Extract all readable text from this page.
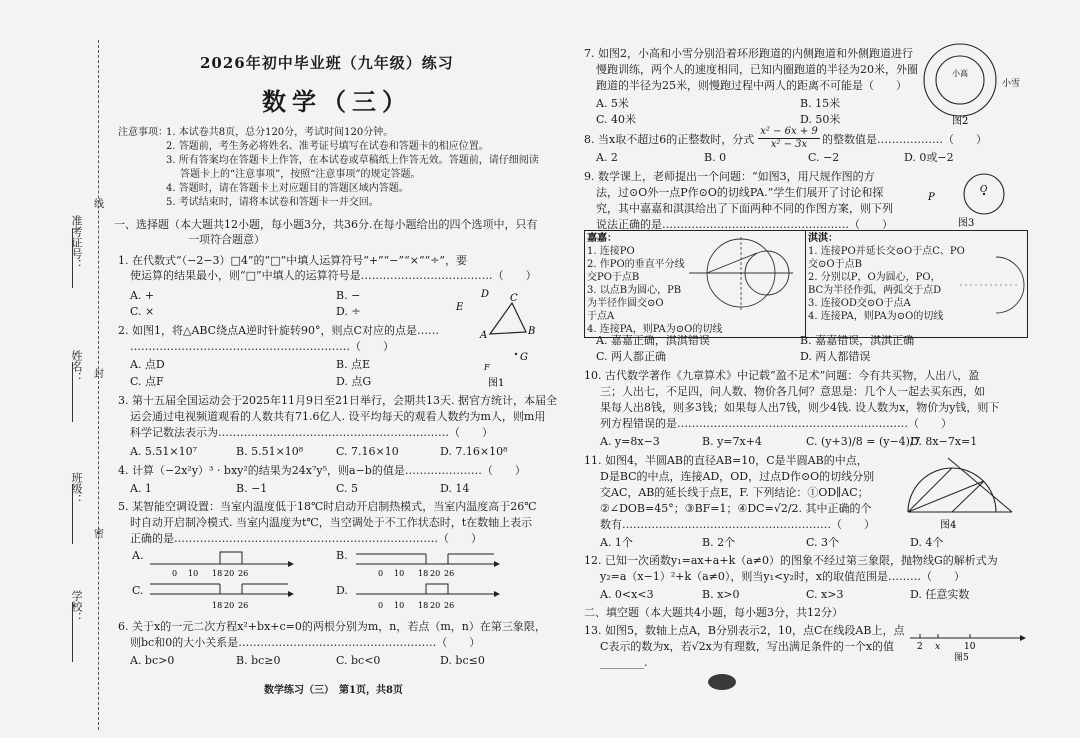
准考证号：
姓名：
班级：
学校：
线
封
密
2026年初中毕业班（九年级）练习
数学（三）
注意事项：
1. 本试卷共8页，总分120分，考试时间120分钟。
2. 答题前，考生务必将姓名、准考证号填写在试卷和答题卡的相应位置。
3. 所有答案均在答题卡上作答，在本试卷或草稿纸上作答无效。答题前，请仔细阅读
答题卡上的“注意事项”，按照“注意事项”的规定答题。
4. 答题时，请在答题卡上对应题目的答题区域内答题。
5. 考试结束时，请将本试卷和答题卡一并交回。
一、选择题（本大题共12小题，每小题3分，共36分.在每小题给出的四个选项中，只有
一项符合题意）
1. 在代数式“（−2−3）□4”的“□”中填人运算符号“+”“−”“×”“÷”，要
使运算的结果最小，则“□”中填人的运算符号是………………………………（　　）
A. +	B. −
C. ×	D. ÷
2. 如图1，将△ABC绕点A逆时针旋转90°，则点C对应的点是……
……………………………………………………（　　）
A. 点D	B. 点E
C. 点F	D. 点G
A	B
C
D
E
F
G
图1
3. 第十五届全国运动会于2025年11月9日至21日举行，会期共13天. 据官方统计，本届全
运会通过电视频道观看的人数共有71.6亿人. 设平均每天的观看人数约为m人，则m用
科学记数法表示为………………………………………………………（　　）
A. 5.51×10⁷	B. 5.51×10⁸	C. 7.16×10	D. 7.16×10⁸
4. 计算（−2x²y）³ · bxy²的结果为24x⁷y⁵，则a−b的值是…………………（　　）
A. 1	B. −1	C. 5	D. 14
5. 某智能空调设置：当室内温度低于18℃时启动开启制热模式，当室内温度高于26℃
时自动开启制冷模式. 当室内温度为t℃，当空调处于不工作状态时，t在数轴上表示
正确的是………………………………………………………………（　　）
A.
0 10 18 20 26
B.
0 10 18 20 26
C.
18 20 26
D.
0 10 18 20 26
6. 关于x的一元二次方程x²+bx+c=0的两根分别为m，n，若点（m，n）在第三象限，
则bc和0的大小关系是………………………………………………（　　）
A. bc>0	B. bc≥0	C. bc<0	D. bc≤0
数学练习（三）　第1页，共8页
7. 如图2，小高和小雪分别沿着环形跑道的内侧跑道和外侧跑道进行
慢跑训练，两个人的速度相同，已知内圈跑道的半径为20米，外圈
跑道的半径为25米，则慢跑过程中两人的距离不可能是（　　）
A. 5米	B. 15米
C. 40米	D. 50米
小高
小雪
图2
8. 当x取不超过6的正整数时，分式 $\frac{\text{x² − 6x + 9}}{\text{x² − 3x}}$ 的整数值是………………（　　）
A. 2	B. 0	C. −2	D. 0或−2
9. 数学课上，老师提出一个问题：“如图3，用尺规作图的方
法，过⊙O外一点P作⊙O的切线PA.”学生们展开了讨论和探
究，其中嘉嘉和淇淇给出了下面两种不同的作图方案，则下列
说法正确的是……………………………………………（　　）
P
O
图3
嘉嘉：
1. 连接PO
2. 作PO的垂直平分线
交PO于点B
3. 以点B为圆心，PB
为半径作圆交⊙O
于点A
4. 连接PA，则PA为⊙O的切线

淇淇：
1. 连接PO并延长交⊙O于点C、PO
交⊙O于点B
2. 分别以P，O为圆心，PO，
BC为半径作弧，两弧交于点D
3. 连接OD交⊙O于点A
4. 连接PA，则PA为⊙O的切线
A. 嘉嘉正确，淇淇错误	B. 嘉嘉错误，淇淇正确
C. 两人都正确	D. 两人都错误
10. 古代数学著作《九章算术》中记载“盈不足术”问题：今有共买物，人出八，盈
三；人出七，不足四，问人数、物价各几何？意思是：几个人一起去买东西，如
果每人出8钱，则多3钱；如果每人出7钱，则少4钱. 设人数为x，物价为y钱，则下
列方程错误的是………………………………………………………（　　）
A. y=8x−3	B. y=7x+4	C. (y+3)/8 = (y−4)/7
D. 8x−7x=1
11. 如图4，半圆AB的直径AB=10，C是半圆AB的中点，
D是BC的中点，连接AD，OD，过点D作⊙O的切线分别
交AC，AB的延长线于点E，F. 下列结论：①OD∥AC；
②∠DOB=45°；③BF=1；④DC=√2/2. 其中正确的个
数有…………………………………………………（　　）
A. 1个	B. 2个	C. 3个	D. 4个
图4
12. 已知一次函数y₁=ax+a+k（a≠0）的图象不经过第三象限，抛物线G的解析式为
y₂=a（x−1）²+k（a≠0），则当y₁<y₂时，x的取值范围是………（　　）
A. 0<x<3	B. x>0	C. x>3	D. 任意实数
二、填空题（本大题共4小题，每小题3分，共12分）
13. 如图5，数轴上点A，B分别表示2，10，点C在线段AB上，点
C表示的数为x，若√2x为有理数，写出满足条件的一个x的值
________.
2 x	10
图5
